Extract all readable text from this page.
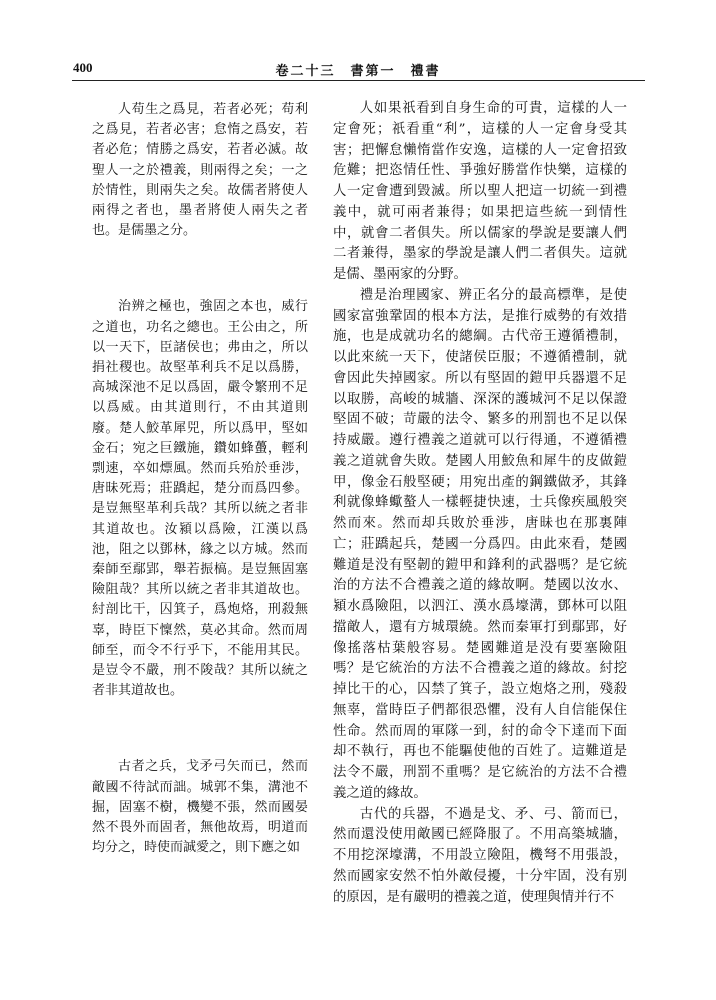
400	卷二十三　書第一　禮書

人苟生之爲見，若者必死；苟利之爲見，若者必害；怠惰之爲安，若者必危；情勝之爲安，若者必滅。故聖人一之於禮義，則兩得之矣；一之於情性，則兩失之矣。故儒者將使人兩得之者也，墨者將使人兩失之者也。是儒墨之分。

治辨之極也，強固之本也，威行之道也，功名之總也。王公由之，所以一天下，臣諸侯也；弗由之，所以捐社稷也。故堅革利兵不足以爲勝，高城深池不足以爲固，嚴令繁刑不足以爲威。由其道則行，不由其道則廢。楚人鮫革犀兕，所以爲甲，堅如金石；宛之巨鐵施，鑽如蜂蠆，輕利剽速，卒如熛風。然而兵殆於垂涉，唐昧死焉；莊蹻起，楚分而爲四參。是豈無堅革利兵哉？其所以統之者非其道故也。汝潁以爲險，江漢以爲池，阻之以鄧林，緣之以方城。然而秦師至鄢郢，舉若振槁。是豈無固塞險阻哉？其所以統之者非其道故也。紂剖比干，囚箕子，爲炮烙，刑殺無辜，時臣下懍然，莫必其命。然而周師至，而令不行乎下，不能用其民。是豈令不嚴，刑不陖哉？其所以統之者非其道故也。

古者之兵，戈矛弓矢而已，然而敵國不待試而詘。城郭不集，溝池不掘，固塞不樹，機變不張，然而國晏然不畏外而固者，無他故焉，明道而均分之，時使而誠愛之，則下應之如

人如果祇看到自身生命的可貴，這樣的人一定會死；祇看重“利”，這樣的人一定會身受其害；把懈怠懶惰當作安逸，這樣的人一定會招致危難；把恣情任性、爭強好勝當作快樂，這樣的人一定會遭到毀滅。所以聖人把這一切統一到禮義中，就可兩者兼得；如果把這些統一到情性中，就會二者俱失。所以儒家的學說是要讓人們二者兼得，墨家的學說是讓人們二者俱失。這就是儒、墨兩家的分野。

禮是治理國家、辨正名分的最高標準，是使國家富強鞏固的根本方法，是推行威勢的有效措施，也是成就功名的總綱。古代帝王遵循禮制，以此來統一天下，使諸侯臣服；不遵循禮制，就會因此失掉國家。所以有堅固的鎧甲兵器還不足以取勝，高峻的城牆、深深的護城河不足以保證堅固不破；苛嚴的法令、繁多的刑罰也不足以保持威嚴。遵行禮義之道就可以行得通，不遵循禮義之道就會失敗。楚國人用鮫魚和犀牛的皮做鎧甲，像金石般堅硬；用宛出產的鋼鐵做矛，其鋒利就像蜂蠍螯人一樣輕捷快速，士兵像疾風般突然而來。然而却兵敗於垂涉，唐昧也在那裏陣亡；莊蹻起兵，楚國一分爲四。由此來看，楚國難道是没有堅韌的鎧甲和鋒利的武器嗎？是它統治的方法不合禮義之道的緣故啊。楚國以汝水、潁水爲險阻，以泗江、漢水爲壕溝，鄧林可以阻擋敵人，還有方城環繞。然而秦軍打到鄢郢，好像搖落枯葉般容易。楚國難道是没有要塞險阻嗎？是它統治的方法不合禮義之道的緣故。紂挖掉比干的心，囚禁了箕子，設立炮烙之刑，殘殺無辜，當時臣子們都很恐懼，没有人自信能保住性命。然而周的軍隊一到，紂的命令下達而下面却不執行，再也不能驅使他的百姓了。這難道是法令不嚴，刑罰不重嗎？是它統治的方法不合禮義之道的緣故。

古代的兵器，不過是戈、矛、弓、箭而已，然而還没使用敵國已經降服了。不用高築城牆，不用挖深壕溝，不用設立險阻，機弩不用張設，然而國家安然不怕外敵侵擾，十分牢固，没有别的原因，是有嚴明的禮義之道，使理與情并行不
